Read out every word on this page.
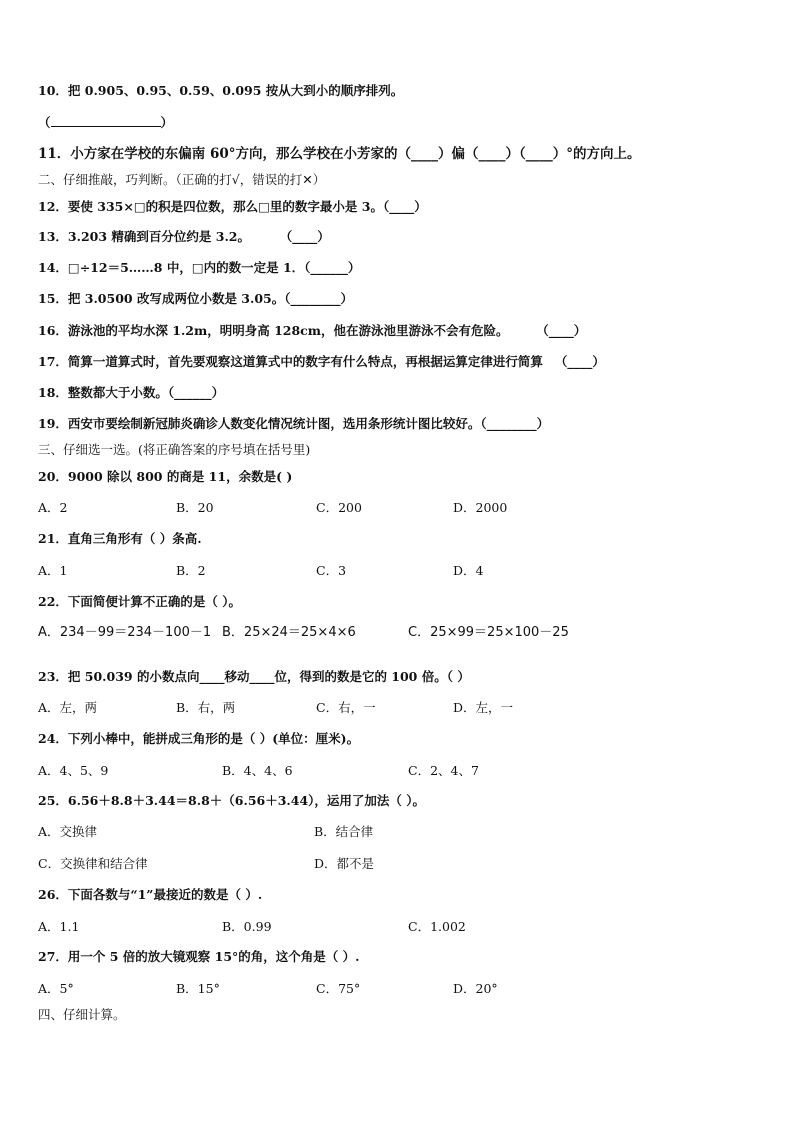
10．把 0.905、0.95、0.59、0.095 按从大到小的顺序排列。
（	）
11．小方家在学校的东偏南 60°方向，那么学校在小芳家的（____）偏（____）（____）°的方向上。
二、仔细推敲，巧判断。（正确的打√，错误的打✕）
12．要使 335×□的积是四位数，那么□里的数字最小是 3。（____）
13．3.203 精确到百分位约是 3.2。	（____）
14．□÷12＝5……8 中，□内的数一定是 1．（______）
15．把 3.0500 改写成两位小数是 3.05。（________）
16．游泳池的平均水深 1.2m，明明身高 128cm，他在游泳池里游泳不会有危险。	（____）
17．简算一道算式时，首先要观察这道算式中的数字有什么特点，再根据运算定律进行简算 （____）
18．整数都大于小数。（______）
19．西安市要绘制新冠肺炎确诊人数变化情况统计图，选用条形统计图比较好。（________）
三、仔细选一选。(将正确答案的序号填在括号里)
20．9000 除以 800 的商是 11，余数是( )
A．2	B．20	C．200	D．2000
21．直角三角形有（ ）条高.
A．1	B．2	C．3	D．4
22．下面简便计算不正确的是（ ）。
A．234－99＝234－100－1 B．25×24＝25×4×6	C．25×99＝25×100－25
23．把 50.039 的小数点向____移动____位，得到的数是它的 100 倍。（ ）
A．左，两	B．右，两	C．右，一	D．左，一
24．下列小棒中，能拼成三角形的是（ ）(单位：厘米)。
A．4、5、9	B．4、4、6	C．2、4、7
25．6.56＋8.8＋3.44＝8.8＋（6.56＋3.44），运用了加法（ ）。
A．交换律	B．结合律
C．交换律和结合律	D．都不是
26．下面各数与“1”最接近的数是（ ）.
A．1.1	B．0.99	C．1.002
27．用一个 5 倍的放大镜观察 15°的角，这个角是（ ）.
A．5°	B．15°	C．75°	D．20°
四、仔细计算。
